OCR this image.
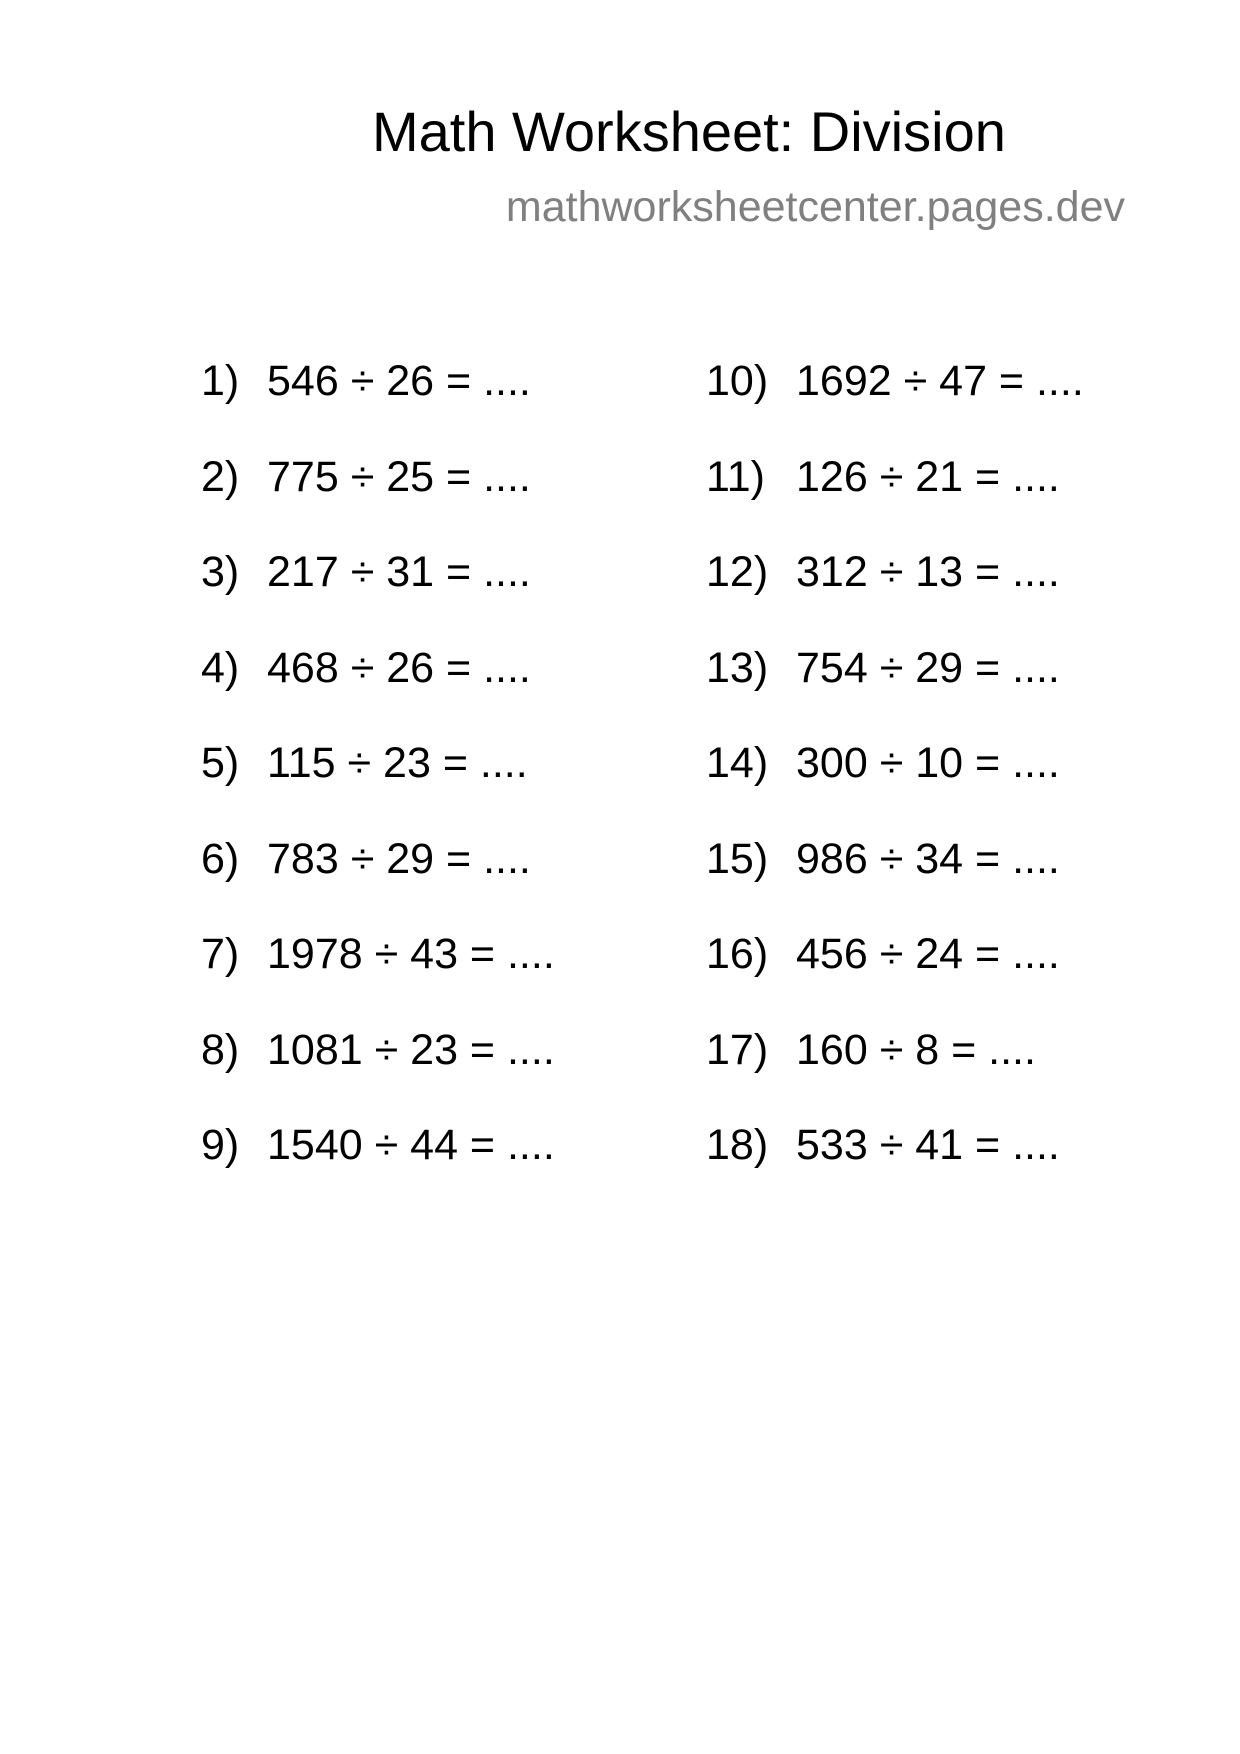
Math Worksheet: Division
mathworksheetcenter.pages.dev
1) 546 ÷ 26 = ....
2) 775 ÷ 25 = ....
3) 217 ÷ 31 = ....
4) 468 ÷ 26 = ....
5) 115 ÷ 23 = ....
6) 783 ÷ 29 = ....
7) 1978 ÷ 43 = ....
8) 1081 ÷ 23 = ....
9) 1540 ÷ 44 = ....
10) 1692 ÷ 47 = ....
11) 126 ÷ 21 = ....
12) 312 ÷ 13 = ....
13) 754 ÷ 29 = ....
14) 300 ÷ 10 = ....
15) 986 ÷ 34 = ....
16) 456 ÷ 24 = ....
17) 160 ÷ 8 = ....
18) 533 ÷ 41 = ....
